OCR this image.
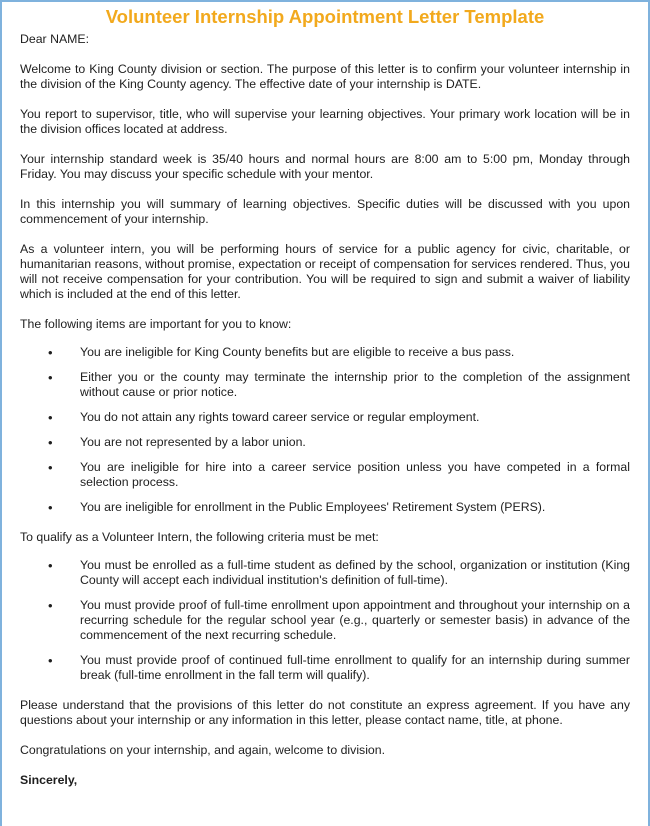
Volunteer Internship Appointment Letter Template

Dear NAME:

Welcome to King County division or section. The purpose of this letter is to confirm your volunteer internship in the division of the King County agency. The effective date of your internship is DATE.

You report to supervisor, title, who will supervise your learning objectives. Your primary work location will be in the division offices located at address.

Your internship standard week is 35/40 hours and normal hours are 8:00 am to 5:00 pm, Monday through Friday. You may discuss your specific schedule with your mentor.

In this internship you will summary of learning objectives. Specific duties will be discussed with you upon commencement of your internship.

As a volunteer intern, you will be performing hours of service for a public agency for civic, charitable, or humanitarian reasons, without promise, expectation or receipt of compensation for services rendered. Thus, you will not receive compensation for your contribution. You will be required to sign and submit a waiver of liability which is included at the end of this letter.

The following items are important for you to know:

• You are ineligible for King County benefits but are eligible to receive a bus pass.
• Either you or the county may terminate the internship prior to the completion of the assignment without cause or prior notice.
• You do not attain any rights toward career service or regular employment.
• You are not represented by a labor union.
• You are ineligible for hire into a career service position unless you have competed in a formal selection process.
• You are ineligible for enrollment in the Public Employees' Retirement System (PERS).

To qualify as a Volunteer Intern, the following criteria must be met:

• You must be enrolled as a full-time student as defined by the school, organization or institution (King County will accept each individual institution's definition of full-time).
• You must provide proof of full-time enrollment upon appointment and throughout your internship on a recurring schedule for the regular school year (e.g., quarterly or semester basis) in advance of the commencement of the next recurring schedule.
• You must provide proof of continued full-time enrollment to qualify for an internship during summer break (full-time enrollment in the fall term will qualify).

Please understand that the provisions of this letter do not constitute an express agreement. If you have any questions about your internship or any information in this letter, please contact name, title, at phone.

Congratulations on your internship, and again, welcome to division.

Sincerely,
